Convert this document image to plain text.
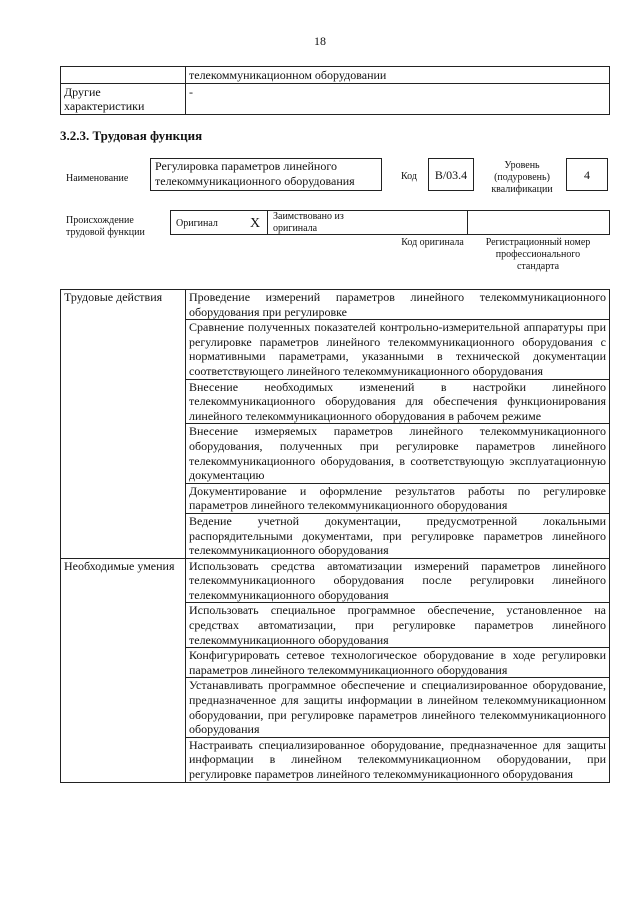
18
	телекоммуникационном оборудовании
Другие характеристики	-
3.2.3. Трудовая функция
Наименование
Регулировка параметров линейного телекоммуникационного оборудования	Код	B/03.4
Уровень (подуровень) квалификации
4
Происхождение трудовой функции
Оригинал X Заимствовано из оригинала
Код оригинала	Регистрационный номер профессионального стандарта
Трудовые действия	Проведение измерений параметров линейного телекоммуникационного оборудования при регулировке
	Сравнение полученных показателей контрольно-измерительной аппаратуры при регулировке параметров линейного телекоммуникационного оборудования с нормативными параметрами, указанными в технической документации соответствующего линейного телекоммуникационного оборудования
	Внесение необходимых изменений в настройки линейного телекоммуникационного оборудования для обеспечения функционирования линейного телекоммуникационного оборудования в рабочем режиме
	Внесение измеряемых параметров линейного телекоммуникационного оборудования, полученных при регулировке параметров линейного телекоммуникационного оборудования, в соответствующую эксплуатационную документацию
	Документирование и оформление результатов работы по регулировке параметров линейного телекоммуникационного оборудования
	Ведение учетной документации, предусмотренной локальными распорядительными документами, при регулировке параметров линейного телекоммуникационного оборудования
Необходимые умения	Использовать средства автоматизации измерений параметров линейного телекоммуникационного оборудования после регулировки линейного телекоммуникационного оборудования
	Использовать специальное программное обеспечение, установленное на средствах автоматизации, при регулировке параметров линейного телекоммуникационного оборудования
	Конфигурировать сетевое технологическое оборудование в ходе регулировки параметров линейного телекоммуникационного оборудования
	Устанавливать программное обеспечение и специализированное оборудование, предназначенное для защиты информации в линейном телекоммуникационном оборудовании, при регулировке параметров линейного телекоммуникационного оборудования
	Настраивать специализированное оборудование, предназначенное для защиты информации в линейном телекоммуникационном оборудовании, при регулировке параметров линейного телекоммуникационного оборудования
